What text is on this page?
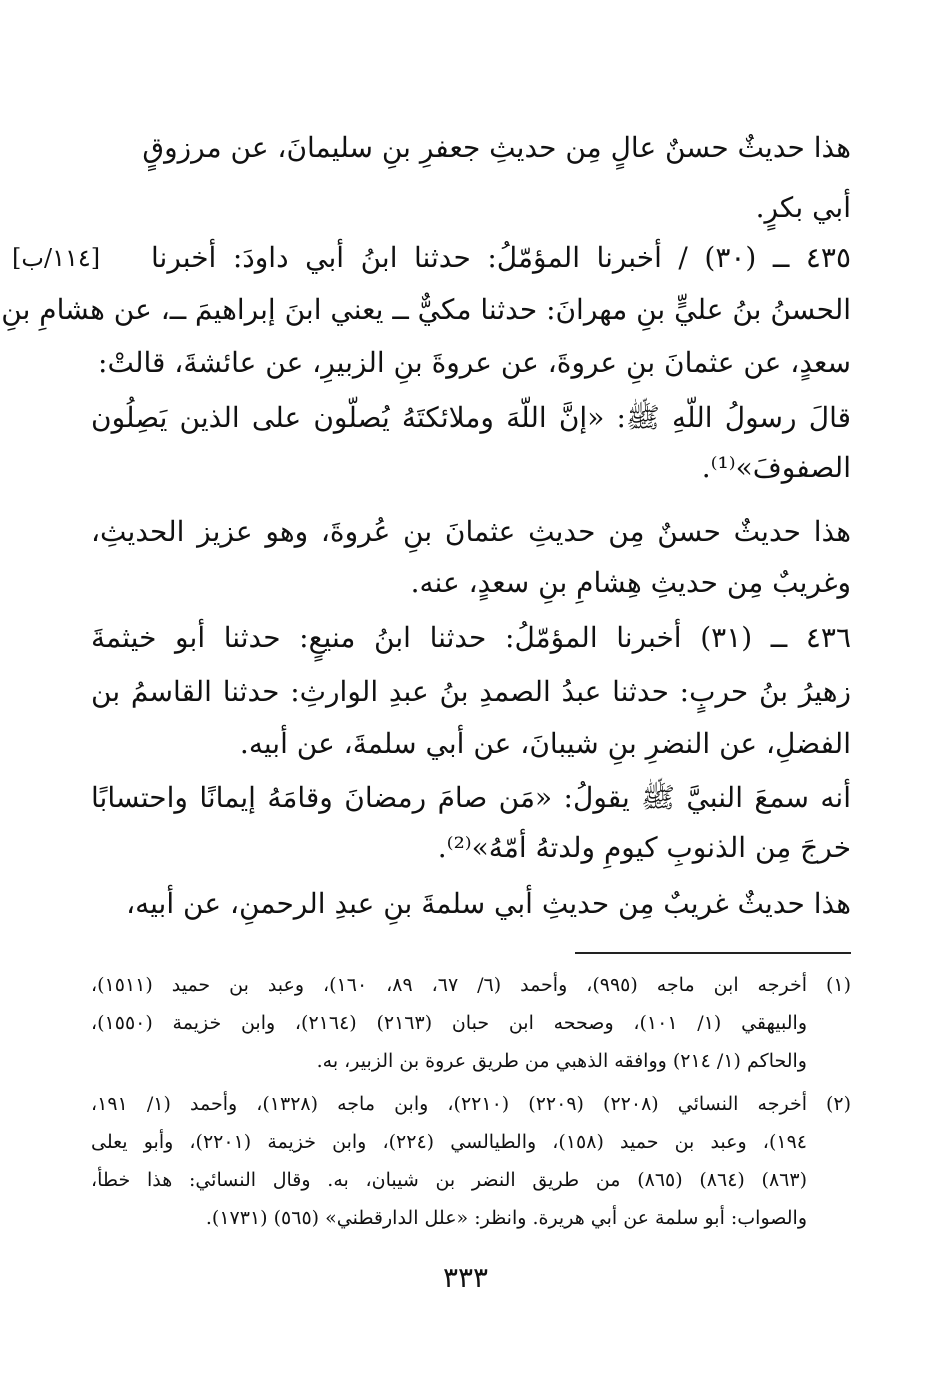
هذا حديثٌ حسنٌ عالٍ مِن حديثِ جعفرِ بنِ سليمانَ، عن مرزوقٍ
أبي بكرٍ.
٤٣٥ ــ (٣٠) / أخبرنا المؤمّلُ: حدثنا ابنُ أبي داودَ: أخبرنا
الحسنُ بنُ عليٍّ بنِ مهرانَ: حدثنا مكيٌّ ــ يعني ابنَ إبراهيمَ ــ، عن هشامِ بنِ
سعدٍ، عن عثمانَ بنِ عروةَ، عن عروةَ بنِ الزبيرِ، عن عائشةَ، قالتْ:
قالَ رسولُ اللّهِ ﷺ: «إنَّ اللّهَ وملائكتَهُ يُصلّون على الذين يَصِلُون
الصفوفَ»⁽¹⁾.
هذا حديثٌ حسنٌ مِن حديثِ عثمانَ بنِ عُروةَ، وهو عزيز الحديثِ،
وغريبٌ مِن حديثِ هِشامِ بنِ سعدٍ، عنه.
٤٣٦ ــ (٣١) أخبرنا المؤمّلُ: حدثنا ابنُ منيعٍ: حدثنا أبو خيثمةَ
زهيرُ بنُ حربٍ: حدثنا عبدُ الصمدِ بنُ عبدِ الوارثِ: حدثنا القاسمُ بن
الفضلِ، عن النضرِ بنِ شيبانَ، عن أبي سلمةَ، عن أبيه.
أنه سمعَ النبيَّ ﷺ يقولُ: «مَن صامَ رمضانَ وقامَهُ إيمانًا واحتسابًا
خرجَ مِن الذنوبِ كيومِ ولدتهُ أمّهُ»⁽²⁾.
هذا حديثٌ غريبٌ مِن حديثِ أبي سلمةَ بنِ عبدِ الرحمنِ، عن أبيه،
[١١٤/ب]
(١)
أخرجه ابن ماجه (٩٩٥)، وأحمد (٦/ ٦٧، ٨٩، ١٦٠)، وعبد بن حميد (١٥١١)،
والبيهقي (١/ ١٠١)، وصححه ابن حبان (٢١٦٣) (٢١٦٤)، وابن خزيمة (١٥٥٠)،
والحاكم (١/ ٢١٤) ووافقه الذهبي من طريق عروة بن الزبير، به.
(٢)
أخرجه النسائي (٢٢٠٨) (٢٢٠٩) (٢٢١٠)، وابن ماجه (١٣٢٨)، وأحمد (١/ ١٩١،
١٩٤)، وعبد بن حميد (١٥٨)، والطيالسي (٢٢٤)، وابن خزيمة (٢٢٠١)، وأبو يعلى
(٨٦٣) (٨٦٤) (٨٦٥) من طريق النضر بن شيبان، به. وقال النسائي: هذا خطأ،
والصواب: أبو سلمة عن أبي هريرة. وانظر: «علل الدارقطني» (٥٦٥) (١٧٣١).
٣٣٣
